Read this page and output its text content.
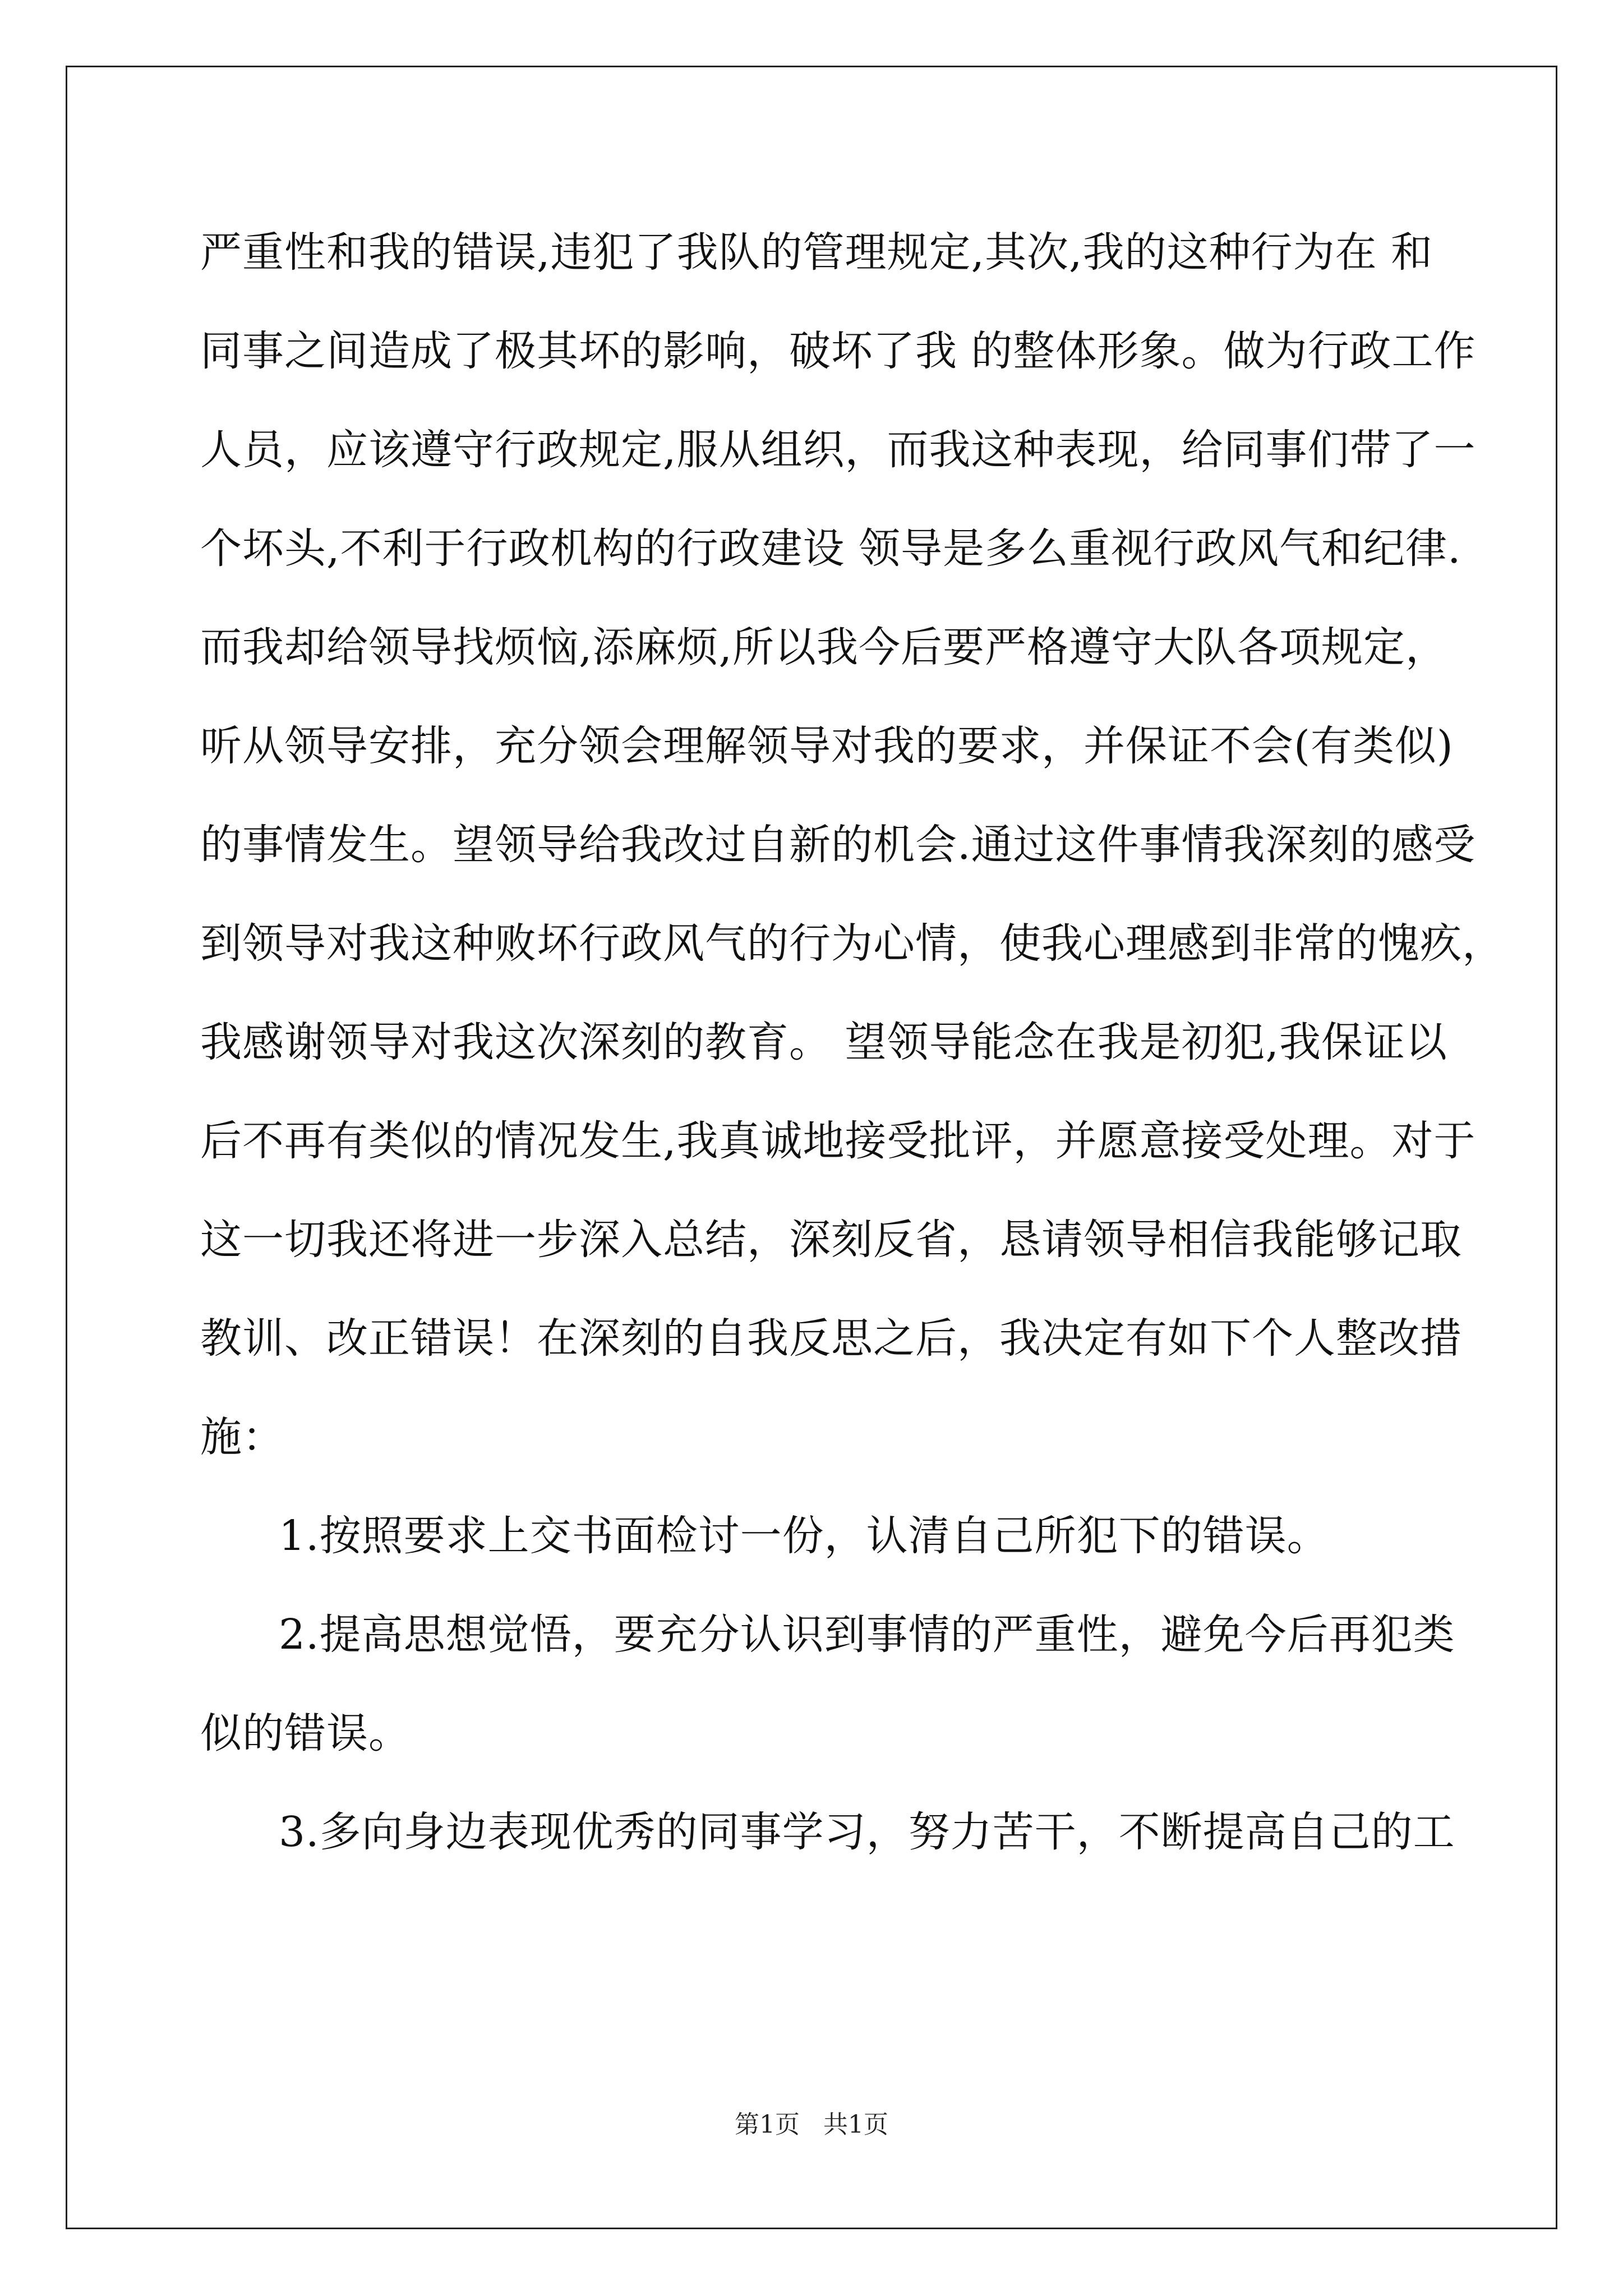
严重性和我的错误,违犯了我队的管理规定,其次,我的这种行为在 和
同事之间造成了极其坏的影响，破坏了我 的整体形象。做为行政工作
人员，应该遵守行政规定,服从组织，而我这种表现，给同事们带了一
个坏头,不利于行政机构的行政建设 领导是多么重视行政风气和纪律.
而我却给领导找烦恼,添麻烦,所以我今后要严格遵守大队各项规定，
听从领导安排，充分领会理解领导对我的要求，并保证不会(有类似)
的事情发生。望领导给我改过自新的机会.通过这件事情我深刻的感受
到领导对我这种败坏行政风气的行为心情，使我心理感到非常的愧疚，
我感谢领导对我这次深刻的教育。 望领导能念在我是初犯,我保证以
后不再有类似的情况发生,我真诚地接受批评，并愿意接受处理。对于
这一切我还将进一步深入总结，深刻反省，恳请领导相信我能够记取
教训、改正错误！在深刻的自我反思之后，我决定有如下个人整改措
施：
1.按照要求上交书面检讨一份，认清自己所犯下的错误。
2.提高思想觉悟，要充分认识到事情的严重性，避免今后再犯类
似的错误。
3.多向身边表现优秀的同事学习，努力苦干，不断提高自己的工
第1页   共1页
